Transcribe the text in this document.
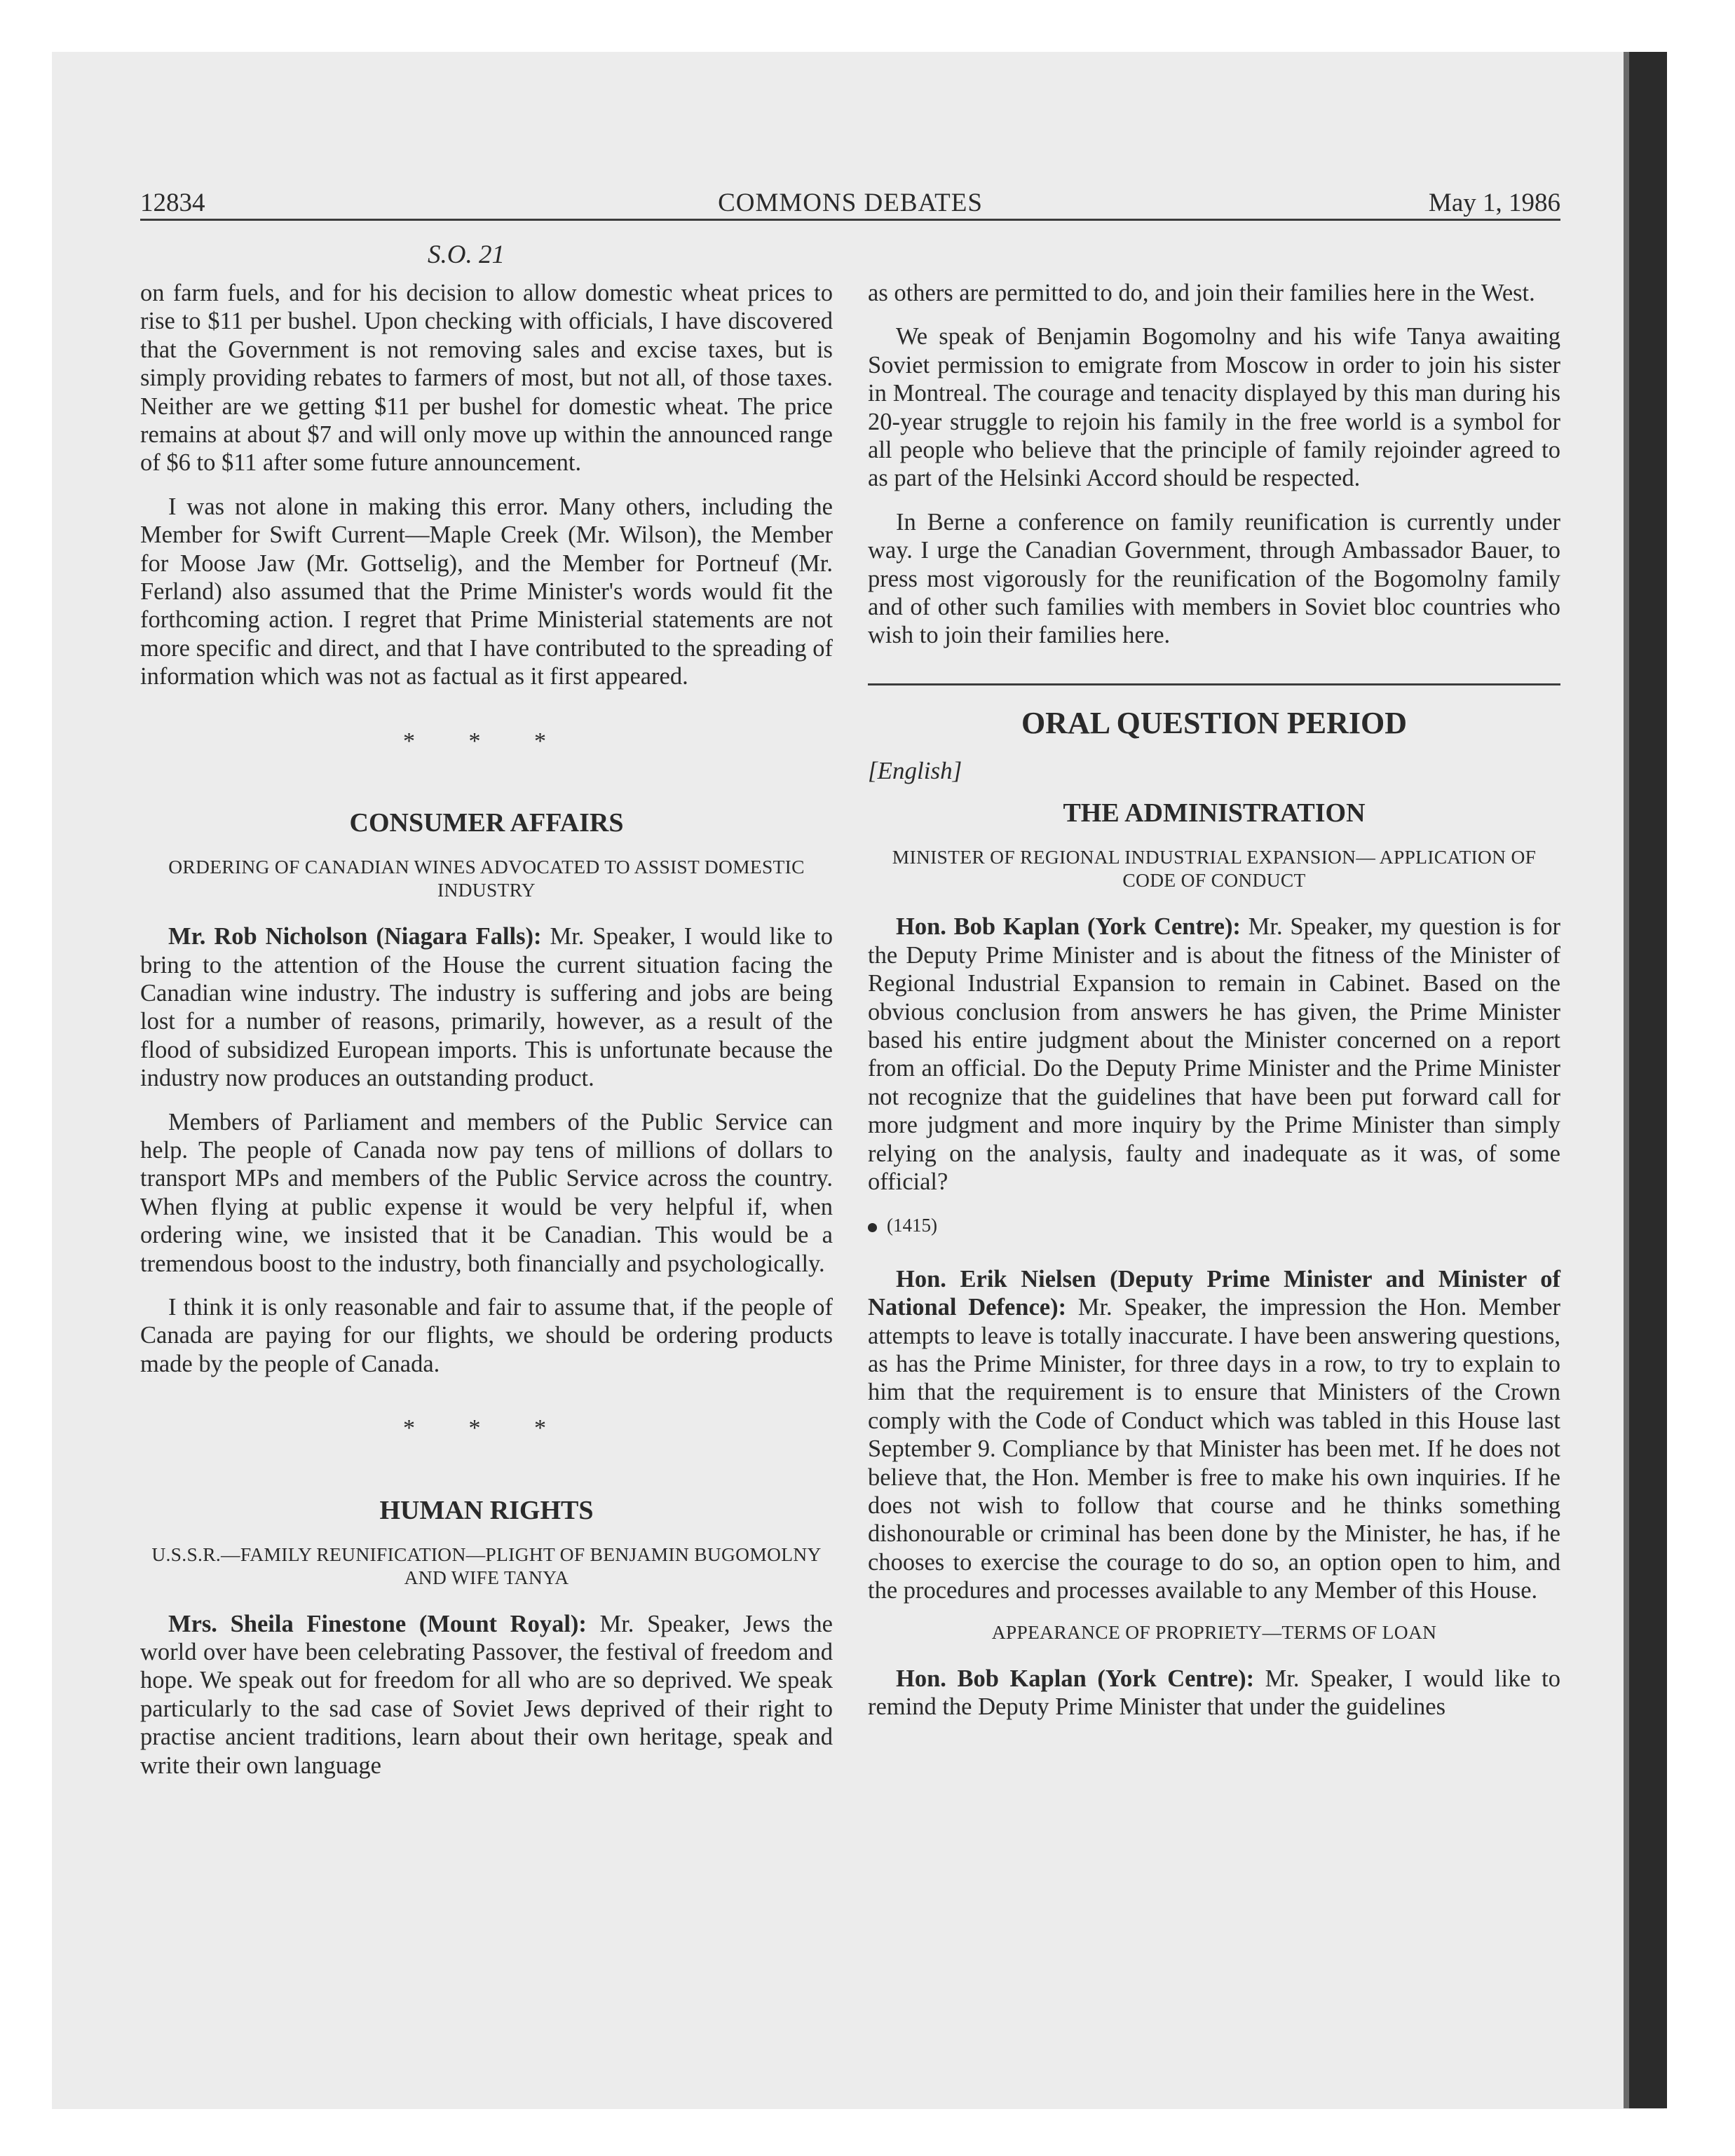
12834	COMMONS DEBATES	May 1, 1986
S.O. 21

on farm fuels, and for his decision to allow domestic wheat prices to rise to $11 per bushel. Upon checking with officials, I have discovered that the Government is not removing sales and excise taxes, but is simply providing rebates to farmers of most, but not all, of those taxes. Neither are we getting $11 per bushel for domestic wheat. The price remains at about $7 and will only move up within the announced range of $6 to $11 after some future announcement.

I was not alone in making this error. Many others, including the Member for Swift Current—Maple Creek (Mr. Wilson), the Member for Moose Jaw (Mr. Gottselig), and the Member for Portneuf (Mr. Ferland) also assumed that the Prime Minister's words would fit the forthcoming action. I regret that Prime Ministerial statements are not more specific and direct, and that I have contributed to the spreading of information which was not as factual as it first appeared.

* * *
CONSUMER AFFAIRS
ORDERING OF CANADIAN WINES ADVOCATED TO ASSIST DOMESTIC INDUSTRY

Mr. Rob Nicholson (Niagara Falls): Mr. Speaker, I would like to bring to the attention of the House the current situation facing the Canadian wine industry. The industry is suffering and jobs are being lost for a number of reasons, primarily, however, as a result of the flood of subsidized European imports. This is unfortunate because the industry now produces an outstanding product.

Members of Parliament and members of the Public Service can help. The people of Canada now pay tens of millions of dollars to transport MPs and members of the Public Service across the country. When flying at public expense it would be very helpful if, when ordering wine, we insisted that it be Canadian. This would be a tremendous boost to the industry, both financially and psychologically.

I think it is only reasonable and fair to assume that, if the people of Canada are paying for our flights, we should be ordering products made by the people of Canada.

* * *
HUMAN RIGHTS
U.S.S.R.—FAMILY REUNIFICATION—PLIGHT OF BENJAMIN BUGOMOLNY AND WIFE TANYA

Mrs. Sheila Finestone (Mount Royal): Mr. Speaker, Jews the world over have been celebrating Passover, the festival of freedom and hope. We speak out for freedom for all who are so deprived. We speak particularly to the sad case of Soviet Jews deprived of their right to practise ancient traditions, learn about their own heritage, speak and write their own language

as others are permitted to do, and join their families here in the West.

We speak of Benjamin Bogomolny and his wife Tanya awaiting Soviet permission to emigrate from Moscow in order to join his sister in Montreal. The courage and tenacity displayed by this man during his 20-year struggle to rejoin his family in the free world is a symbol for all people who believe that the principle of family rejoinder agreed to as part of the Helsinki Accord should be respected.

In Berne a conference on family reunification is currently under way. I urge the Canadian Government, through Ambassador Bauer, to press most vigorously for the reunification of the Bogomolny family and of other such families with members in Soviet bloc countries who wish to join their families here.

ORAL QUESTION PERIOD
[English]
THE ADMINISTRATION
MINISTER OF REGIONAL INDUSTRIAL EXPANSION— APPLICATION OF CODE OF CONDUCT

Hon. Bob Kaplan (York Centre): Mr. Speaker, my question is for the Deputy Prime Minister and is about the fitness of the Minister of Regional Industrial Expansion to remain in Cabinet. Based on the obvious conclusion from answers he has given, the Prime Minister based his entire judgment about the Minister concerned on a report from an official. Do the Deputy Prime Minister and the Prime Minister not recognize that the guidelines that have been put forward call for more judgment and more inquiry by the Prime Minister than simply relying on the analysis, faulty and inadequate as it was, of some official?

(1415)

Hon. Erik Nielsen (Deputy Prime Minister and Minister of National Defence): Mr. Speaker, the impression the Hon. Member attempts to leave is totally inaccurate. I have been answering questions, as has the Prime Minister, for three days in a row, to try to explain to him that the requirement is to ensure that Ministers of the Crown comply with the Code of Conduct which was tabled in this House last September 9. Compliance by that Minister has been met. If he does not believe that, the Hon. Member is free to make his own inquiries. If he does not wish to follow that course and he thinks something dishonourable or criminal has been done by the Minister, he has, if he chooses to exercise the courage to do so, an option open to him, and the procedures and processes available to any Member of this House.

APPEARANCE OF PROPRIETY—TERMS OF LOAN

Hon. Bob Kaplan (York Centre): Mr. Speaker, I would like to remind the Deputy Prime Minister that under the guidelines
